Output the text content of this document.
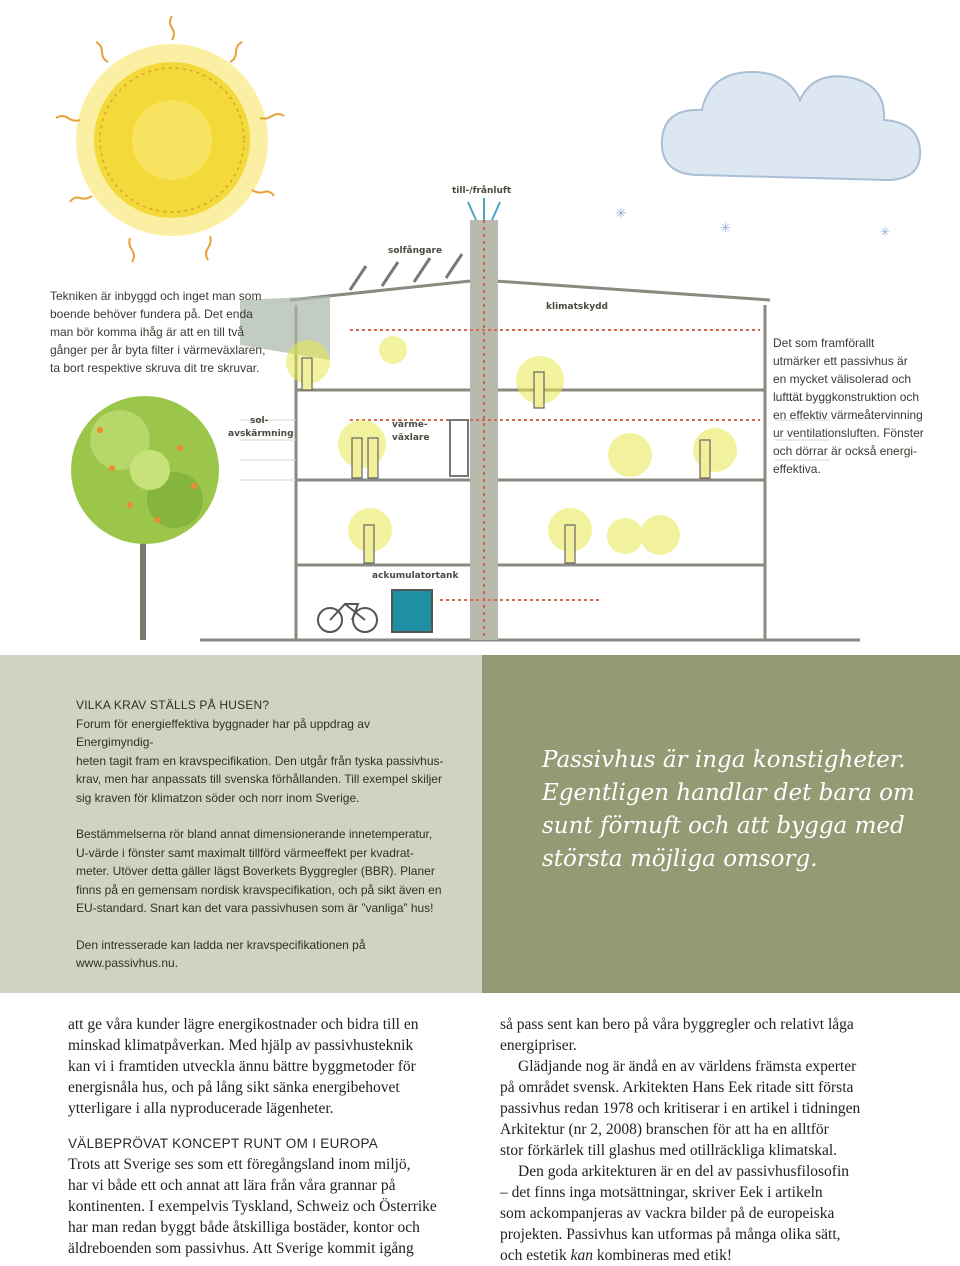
✳
✳	✳
till-/frånluft
solfångare
klimatskydd
sol-
avskärmning
värme-
växlare
ackumulatortank

Tekniken är inbyggd och inget man som

boende behöver fundera på. Det enda

man bör komma ihåg är att en till två

gånger per år byta filter i värmeväxlaren,

ta bort respektive skruva dit tre skruvar.

Det som framförallt

utmärker ett passivhus är

en mycket välisolerad och

lufttät byggkonstruktion och

en effektiv värmeåtervinning

ur ventilationsluften. Fönster

och dörrar är också energi-

effektiva.

VILKA KRAV STÄLLS PÅ HUSEN?

Forum för energieffektiva byggnader har på uppdrag av Energimyndig-

heten tagit fram en kravspecifikation. Den utgår från tyska passivhus-

krav, men har anpassats till svenska förhållanden. Till exempel skiljer

sig kraven för klimatzon söder och norr inom Sverige.

Bestämmelserna rör bland annat dimensionerande innetemperatur,

U-värde i fönster samt maximalt tillförd värmeeffekt per kvadrat-

meter. Utöver detta gäller lägst Boverkets Byggregler (BBR). Planer

finns på en gemensam nordisk kravspecifikation, och på sikt även en

EU-standard. Snart kan det vara passivhusen som är ”vanliga” hus!

Den intresserade kan ladda ner kravspecifikationen på

www.passivhus.nu.

Passivhus är inga konstigheter.

Egentligen handlar det bara om

sunt förnuft och att bygga med

största möjliga omsorg.

att ge våra kunder lägre energikostnader och bidra till en

minskad klimatpåverkan. Med hjälp av passivhusteknik

kan vi i framtiden utveckla ännu bättre byggmetoder för

energisnåla hus, och på lång sikt sänka energibehovet

ytterligare i alla nyproducerade lägenheter.

VÄLBEPRÖVAT KONCEPT RUNT OM I EUROPA

Trots att Sverige ses som ett föregångsland inom miljö,

har vi både ett och annat att lära från våra grannar på

kontinenten. I exempelvis Tyskland, Schweiz och Österrike

har man redan byggt både åtskilliga bostäder, kontor och

äldreboenden som passivhus. Att Sverige kommit igång

så pass sent kan bero på våra byggregler och relativt låga

energipriser.

Glädjande nog är ändå en av världens främsta experter

på området svensk. Arkitekten Hans Eek ritade sitt första

passivhus redan 1978 och kritiserar i en artikel i tidningen

Arkitektur (nr 2, 2008) branschen för att ha en alltför

stor förkärlek till glashus med otillräckliga klimatskal.

Den goda arkitekturen är en del av passivhusfilosofin

– det finns inga motsättningar, skriver Eek i artikeln

som ackompanjeras av vackra bilder på de europeiska

projekten. Passivhus kan utformas på många olika sätt,

och estetik kan kombineras med etik!
